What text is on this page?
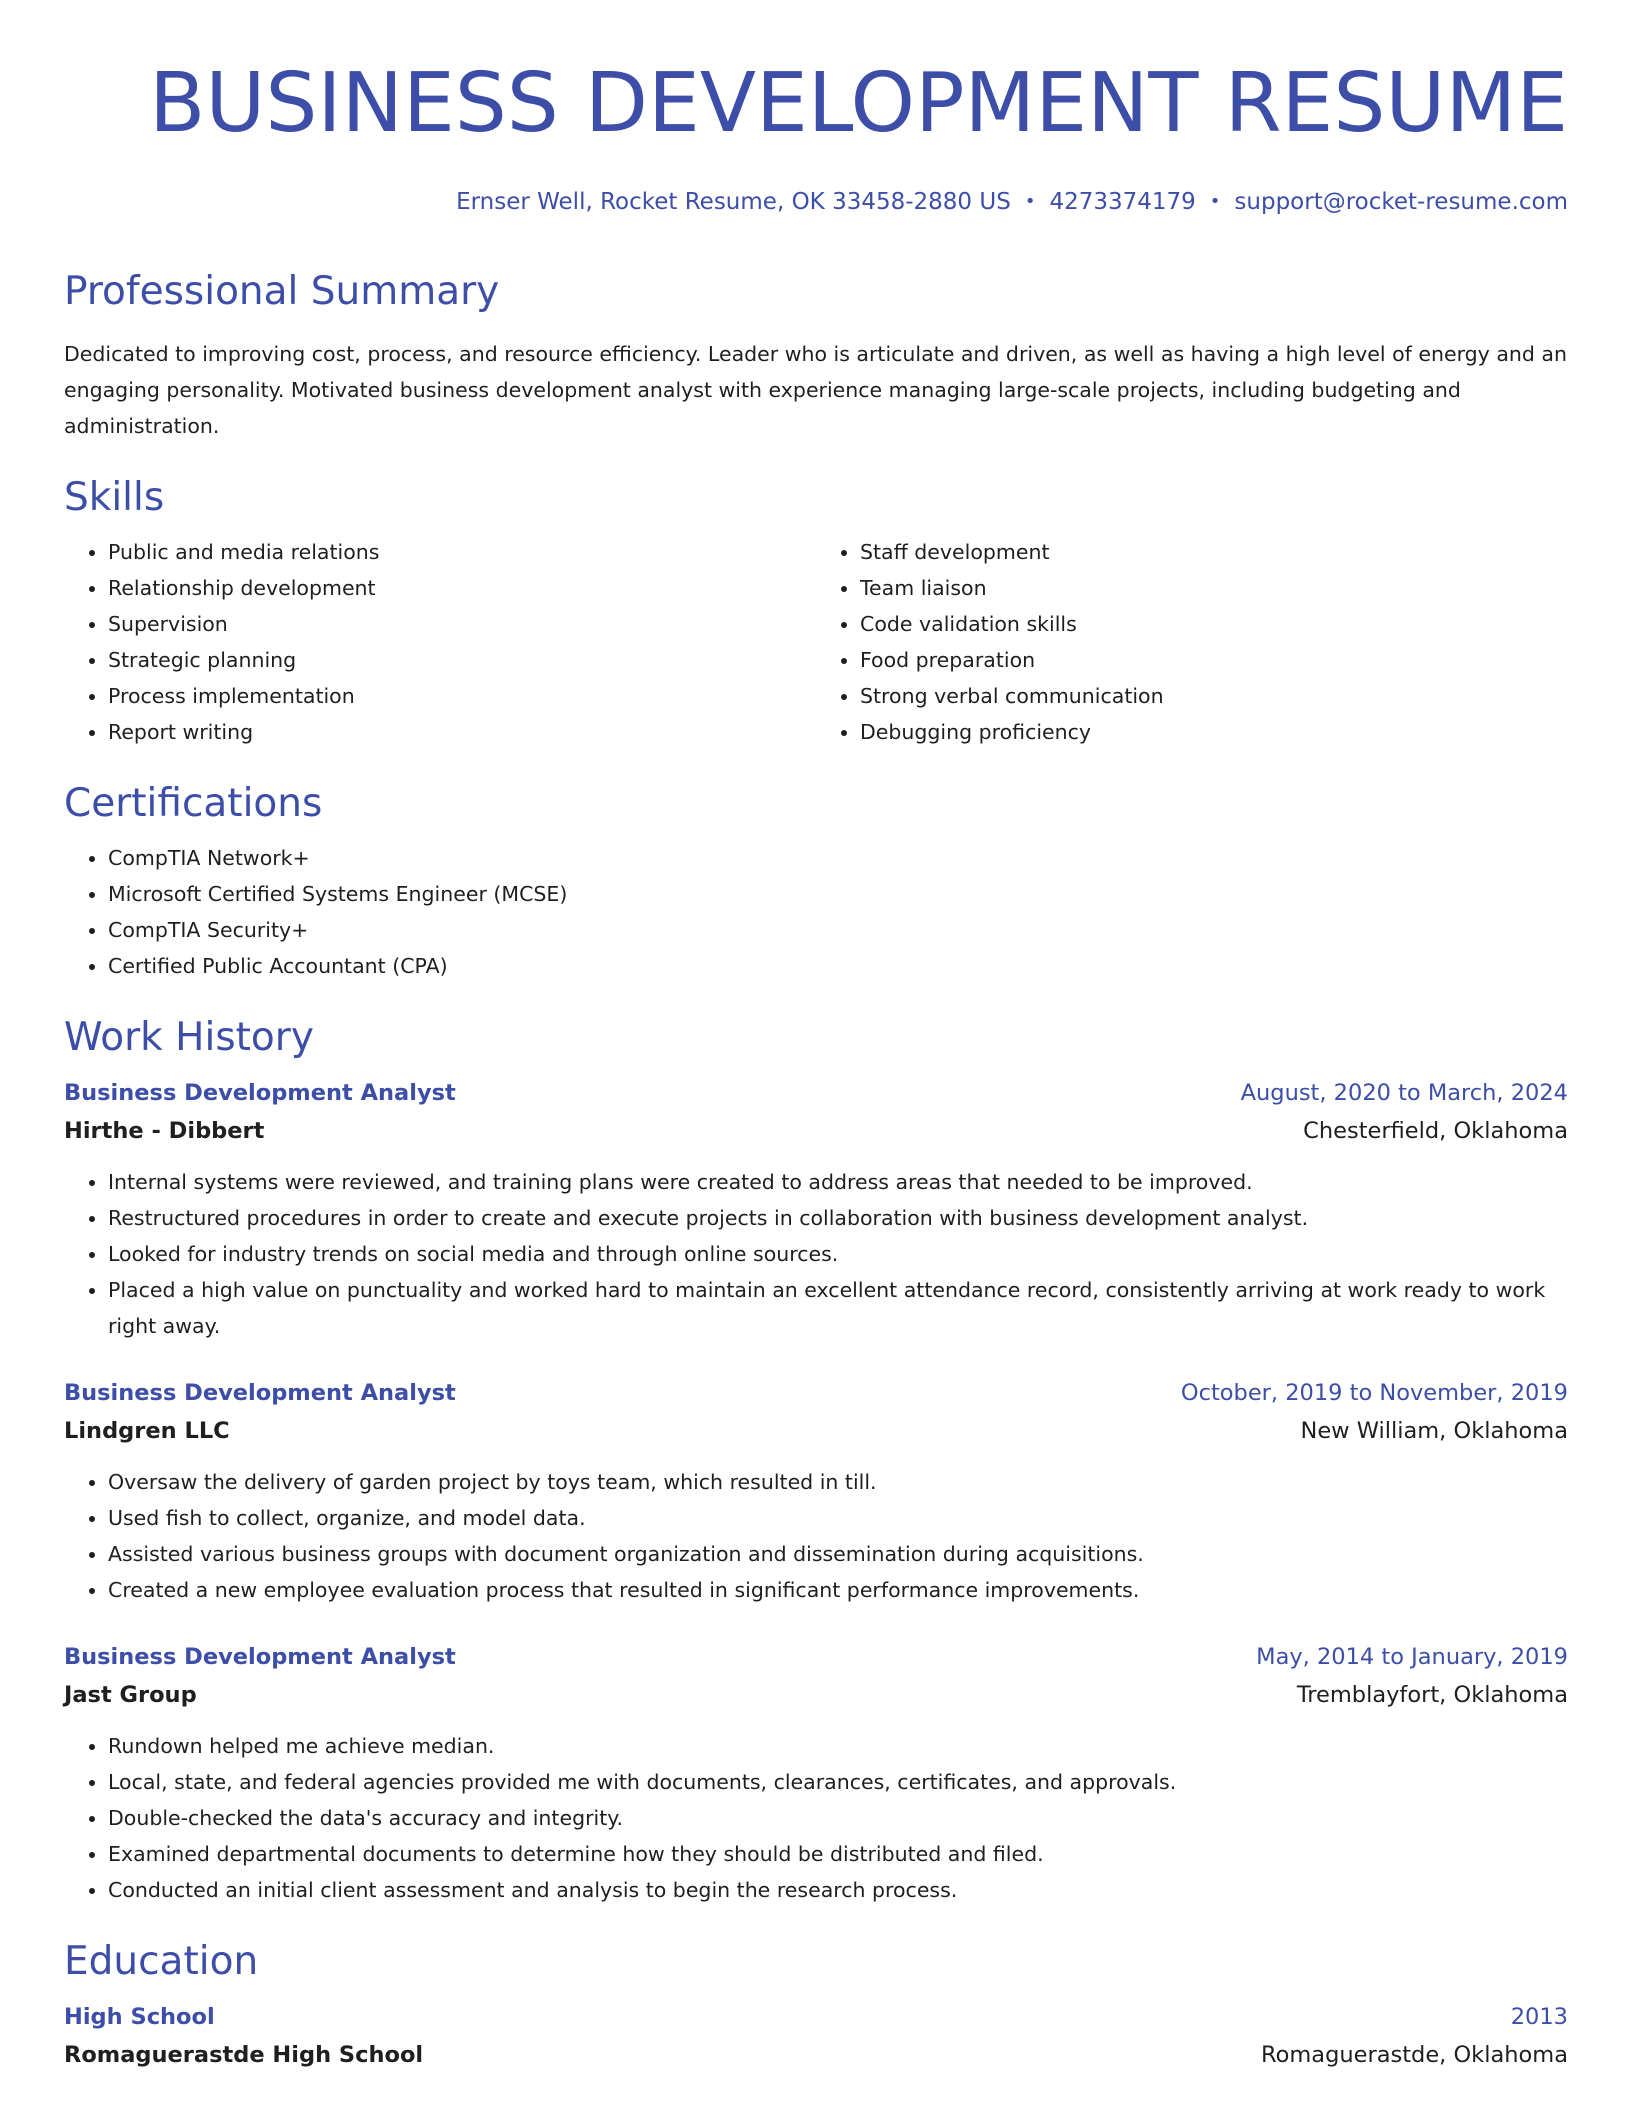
BUSINESS DEVELOPMENT RESUME
Ernser Well, Rocket Resume, OK 33458-2880 US • 4273374179 • support@rocket-resume.com
Professional Summary

Dedicated to improving cost, process, and resource efficiency. Leader who is articulate and driven, as well as having a high level of energy and an engaging personality. Motivated business development analyst with experience managing large-scale projects, including budgeting and administration.

Skills
• Public and media relations
• Relationship development
• Supervision
• Strategic planning
• Process implementation
• Report writing
• Staff development
• Team liaison
• Code validation skills
• Food preparation
• Strong verbal communication
• Debugging proficiency
Certifications
• CompTIA Network+
• Microsoft Certified Systems Engineer (MCSE)
• CompTIA Security+
• Certified Public Accountant (CPA)
Work History
Business Development Analyst	August, 2020 to March, 2024
Hirthe - Dibbert	Chesterfield, Oklahoma
• Internal systems were reviewed, and training plans were created to address areas that needed to be improved.
• Restructured procedures in order to create and execute projects in collaboration with business development analyst.
• Looked for industry trends on social media and through online sources.
• Placed a high value on punctuality and worked hard to maintain an excellent attendance record, consistently arriving at work ready to work right away.
Business Development Analyst	October, 2019 to November, 2019
Lindgren LLC	New William, Oklahoma
• Oversaw the delivery of garden project by toys team, which resulted in till.
• Used fish to collect, organize, and model data.
• Assisted various business groups with document organization and dissemination during acquisitions.
• Created a new employee evaluation process that resulted in significant performance improvements.
Business Development Analyst	May, 2014 to January, 2019
Jast Group	Tremblayfort, Oklahoma
• Rundown helped me achieve median.
• Local, state, and federal agencies provided me with documents, clearances, certificates, and approvals.
• Double-checked the data's accuracy and integrity.
• Examined departmental documents to determine how they should be distributed and filed.
• Conducted an initial client assessment and analysis to begin the research process.
Education
High School	2013
Romaguerastde High School	Romaguerastde, Oklahoma
